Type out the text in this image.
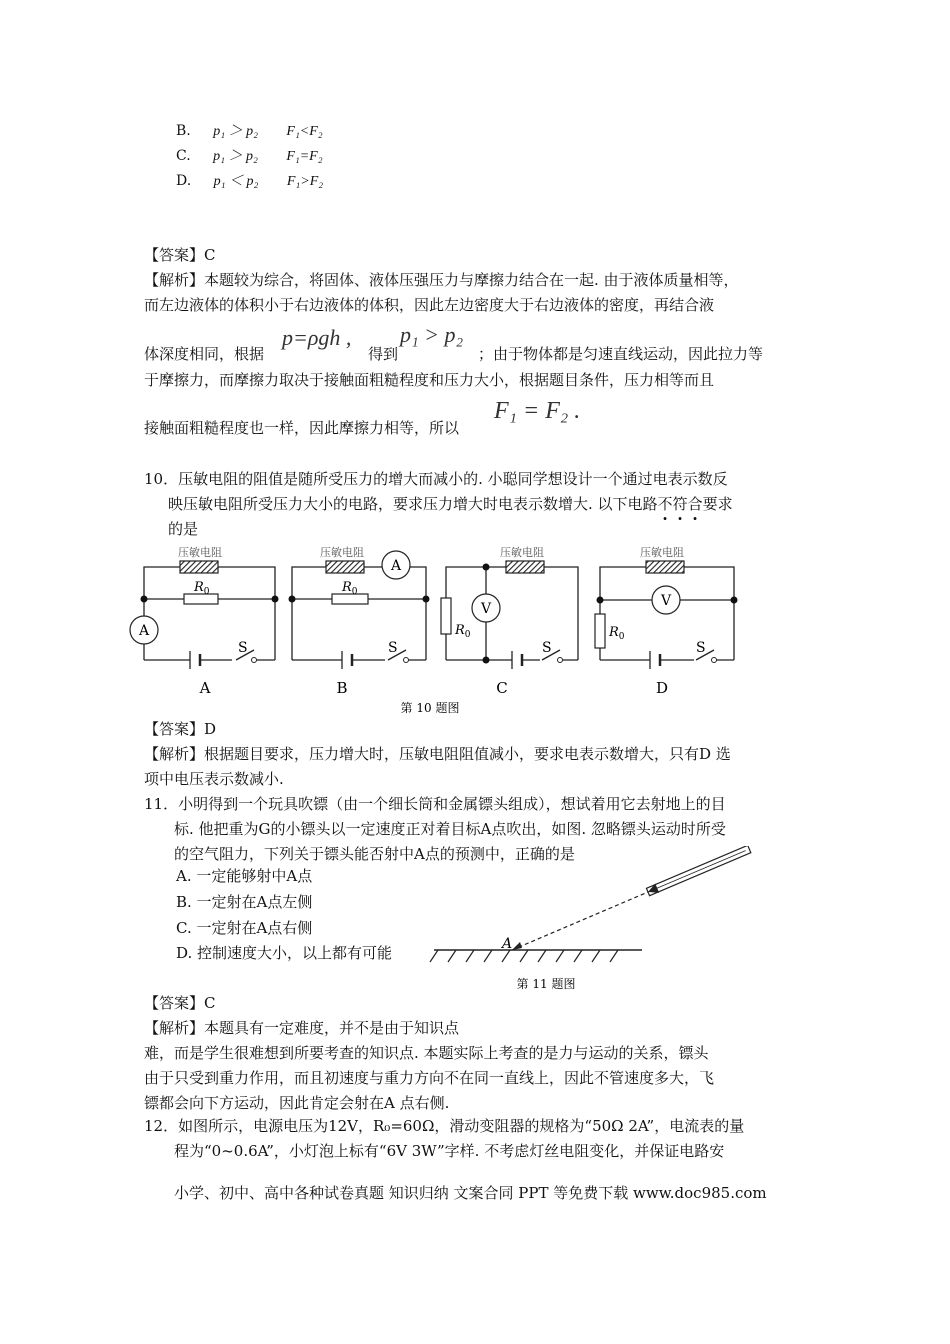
B. p₁ ＞ p₂ F₁<F₂
C. p₁ ＞ p₂ F₁=F₂
D. p₁ ＜ p₂ F₁>F₂
【答案】C
【解析】本题较为综合，将固体、液体压强压力与摩擦力结合在一起. 由于液体质量相等，
而左边液体的体积小于右边液体的体积，因此左边密度大于右边液体的密度，再结合液
体深度相同，根据
p=ρgh ,
得到
p₁ > p₂
；由于物体都是匀速直线运动，因此拉力等
于摩擦力，而摩擦力取决于接触面粗糙程度和压力大小，根据题目条件，压力相等而且
接触面粗糙程度也一样，因此摩擦力相等，所以
F₁ = F₂ .
10．压敏电阻的阻值是随所受压力的增大而减小的. 小聪同学想设计一个通过电表示数反
映压敏电阻所受压力大小的电路，要求压力增大时电表示数增大. 以下电路不符合要求
的是
压敏电阻
$R_0$
A
S
A
压敏电阻
$R_0$
A
S
B
压敏电阻
$R_0$
V
S
C
压敏电阻
$R_0$
V
S
D
第 10 题图
【答案】D
【解析】根据题目要求，压力增大时，压敏电阻阻值减小，要求电表示数增大，只有D 选
项中电压表示数减小.
11．小明得到一个玩具吹镖（由一个细长筒和金属镖头组成），想试着用它去射地上的目
标. 他把重为G的小镖头以一定速度正对着目标A点吹出，如图. 忽略镖头运动时所受
的空气阻力，下列关于镖头能否射中A点的预测中，正确的是
A. 一定能够射中A点
B. 一定射在A点左侧
C. 一定射在A点右侧
D. 控制速度大小，以上都有可能	A
第 11 题图
【答案】C
【解析】本题具有一定难度，并不是由于知识点
难，而是学生很难想到所要考查的知识点. 本题实际上考查的是力与运动的关系，镖头
由于只受到重力作用，而且初速度与重力方向不在同一直线上，因此不管速度多大，飞
镖都会向下方运动，因此肯定会射在A 点右侧.
12．如图所示，电源电压为12V，R₀=60Ω，滑动变阻器的规格为“50Ω 2A”，电流表的量
程为“0~0.6A”，小灯泡上标有“6V 3W”字样. 不考虑灯丝电阻变化，并保证电路安
小学、初中、高中各种试卷真题 知识归纳 文案合同 PPT 等免费下载 www.doc985.com
